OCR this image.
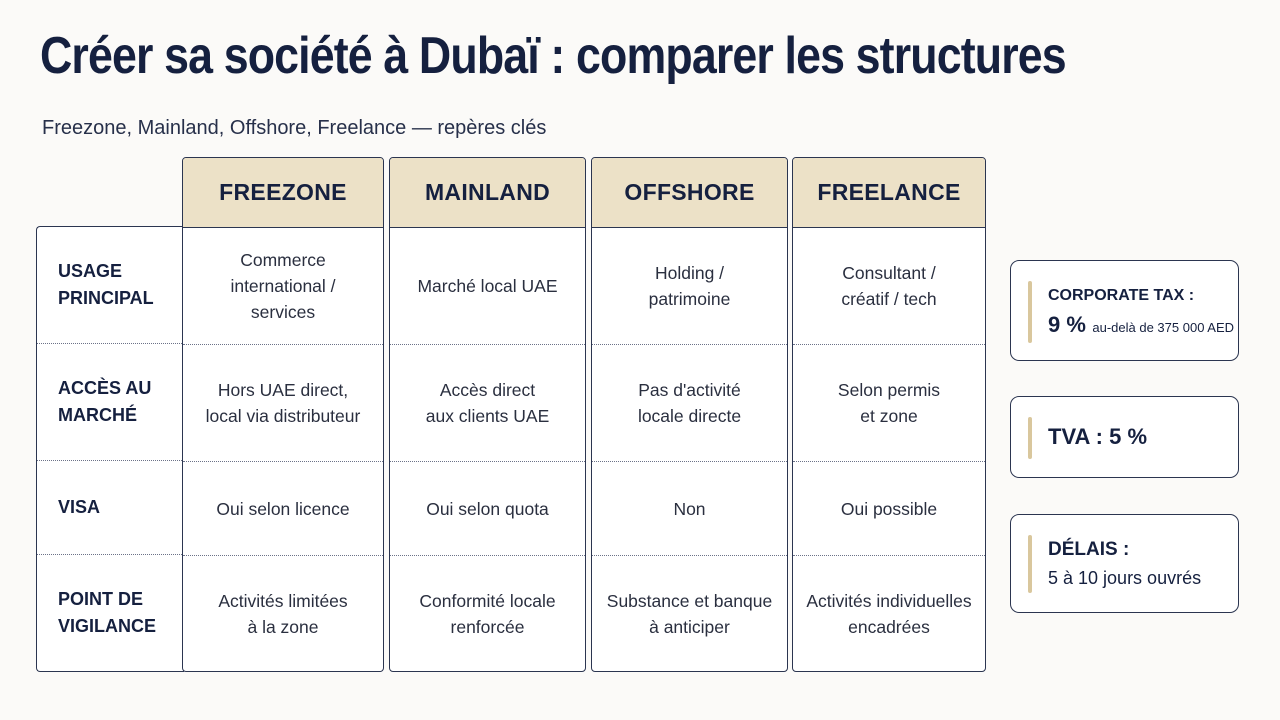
Créer sa société à Dubaï : comparer les structures
Freezone, Mainland, Offshore, Freelance — repères clés
USAGE
PRINCIPAL
ACCÈS AU
MARCHÉ
VISA
POINT DE
VIGILANCE
FREEZONE
Commerce
international /
services
Hors UAE direct,
local via distributeur
Oui selon licence
Activités limitées
à la zone
MAINLAND
Marché local UAE
Accès direct
aux clients UAE
Oui selon quota
Conformité locale
renforcée
OFFSHORE
Holding /
patrimoine
Pas d'activité
locale directe
Non
Substance et banque
à anticiper
FREELANCE
Consultant /
créatif / tech
Selon permis
et zone
Oui possible
Activités individuelles
encadrées
CORPORATE TAX :
9 % au-delà de 375 000 AED
TVA : 5 %
DÉLAIS :
5 à 10 jours ouvrés
